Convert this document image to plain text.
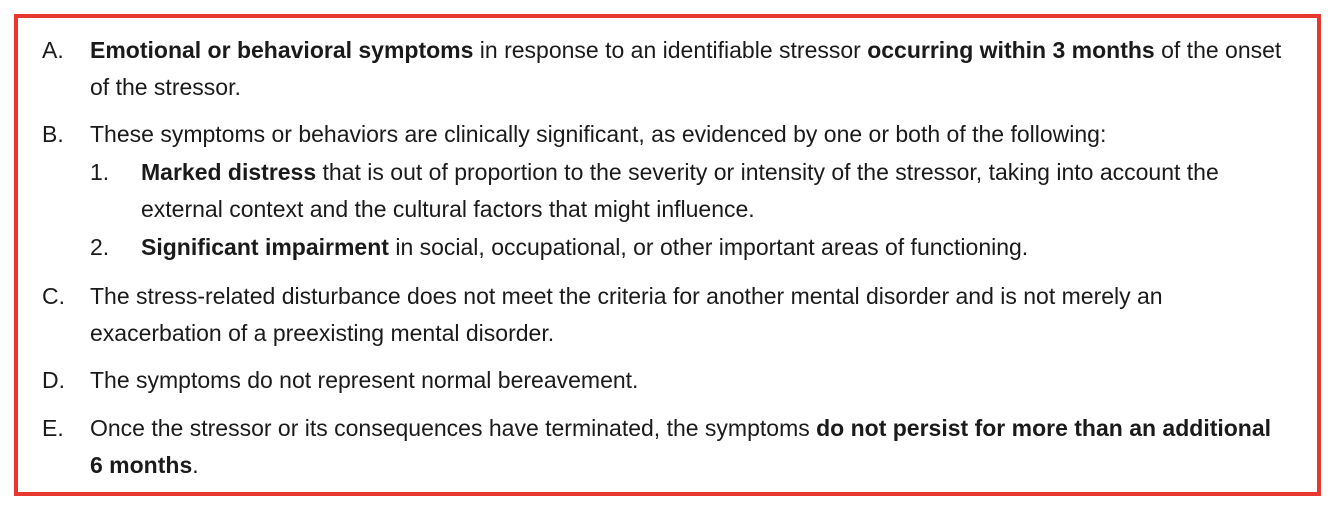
A. Emotional or behavioral symptoms in response to an identifiable stressor occurring within 3 months of the onset of the stressor.
B. These symptoms or behaviors are clinically significant, as evidenced by one or both of the following:
1. Marked distress that is out of proportion to the severity or intensity of the stressor, taking into account the external context and the cultural factors that might influence.
2. Significant impairment in social, occupational, or other important areas of functioning.
C. The stress-related disturbance does not meet the criteria for another mental disorder and is not merely an exacerbation of a preexisting mental disorder.
D. The symptoms do not represent normal bereavement.
E. Once the stressor or its consequences have terminated, the symptoms do not persist for more than an additional 6 months.
